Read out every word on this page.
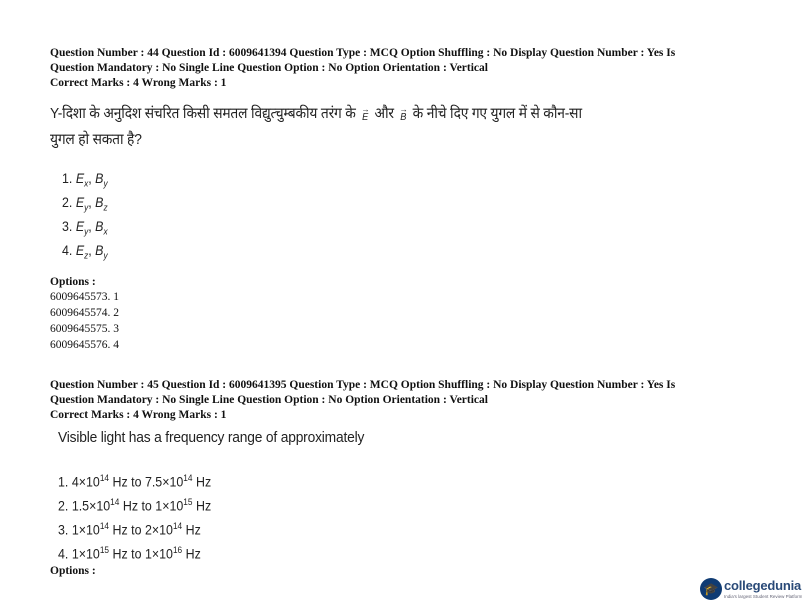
Question Number : 44 Question Id : 6009641394 Question Type : MCQ Option Shuffling : No Display Question Number : Yes Is
Question Mandatory : No Single Line Question Option : No Option Orientation : Vertical
Correct Marks : 4 Wrong Marks : 1
Y-दिशा के अनुदिश संचरित किसी समतल विद्युत्चुम्बकीय तरंग के → E और → B के नीचे दिए गए युगल में से कौन-सा
युगल हो सकता है?
1. $E_x$, $B_y$
2. $E_y$, $B_z$
3. $E_y$, $B_x$
4. $E_z$, $B_y$
Options :
6009645573. 1
6009645574. 2
6009645575. 3
6009645576. 4
Question Number : 45 Question Id : 6009641395 Question Type : MCQ Option Shuffling : No Display Question Number : Yes Is
Question Mandatory : No Single Line Question Option : No Option Orientation : Vertical
Correct Marks : 4 Wrong Marks : 1
Visible light has a frequency range of approximately
1. $4\times 10^{14}$ Hz to $7.5\times 10^{14}$ Hz
2. $1.5\times 10^{14}$ Hz to $1\times 10^{15}$ Hz
3. $1\times 10^{14}$ Hz to $2\times 10^{14}$ Hz
4. $1\times 10^{15}$ Hz to $1\times 10^{16}$ Hz
Options :
🎓 collegedunia
India's largest Student Review Platform
